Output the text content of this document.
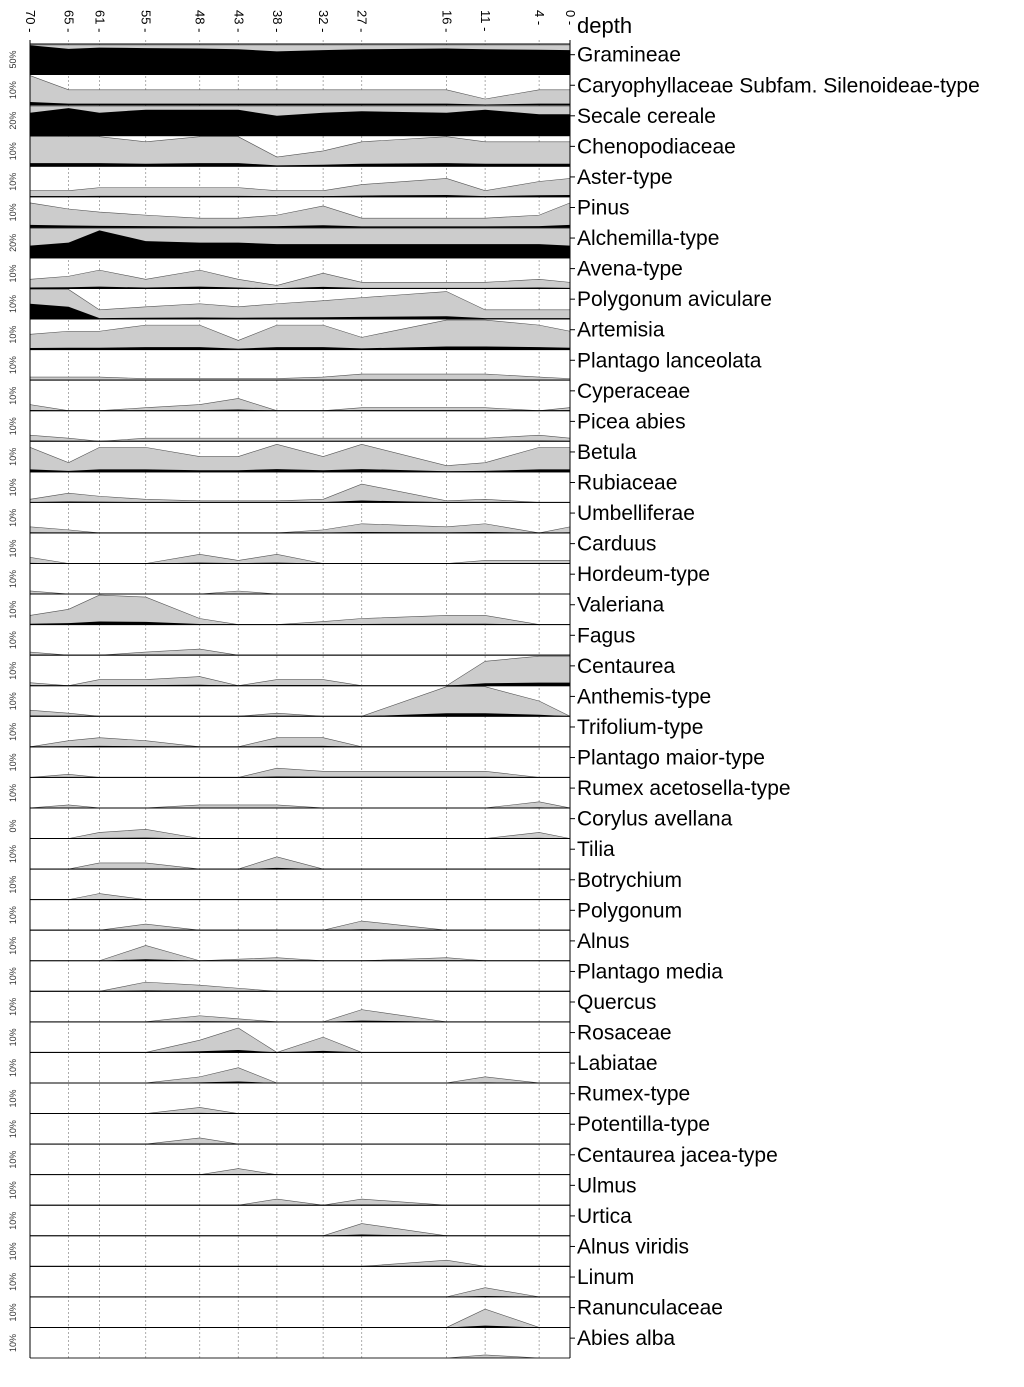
50%	Gramineae
10%	Caryophyllaceae Subfam. Silenoideae-type
20%	Secale cereale
10%	Chenopodiaceae
10%	Aster-type
10%	Pinus
20%	Alchemilla-type
10%	Avena-type
10%	Polygonum aviculare
10%	Artemisia
10%	Plantago lanceolata
10%	Cyperaceae
10%	Picea abies
10%	Betula
10%	Rubiaceae
10%	Umbelliferae
10%	Carduus
10%	Hordeum-type
10%	Valeriana
10%	Fagus
10%	Centaurea
10%	Anthemis-type
10%	Trifolium-type
10%	Plantago maior-type
10%	Rumex acetosella-type
0%	Corylus avellana
10%	Tilia
10%	Botrychium
10%	Polygonum
10%	Alnus
10%	Plantago media
10%	Quercus
10%	Rosaceae
10%	Labiatae
10%	Rumex-type
10%	Potentilla-type
10%	Centaurea jacea-type
10%	Ulmus
10%	Urtica
10%	Alnus viridis
10%	Linum
10%	Ranunculaceae
10%	Abies alba
70 - 65 - 61 - 55 -	48 - 43 - 38 - 32 - 27 -	16 - 11 -	4 - 0 - depth
